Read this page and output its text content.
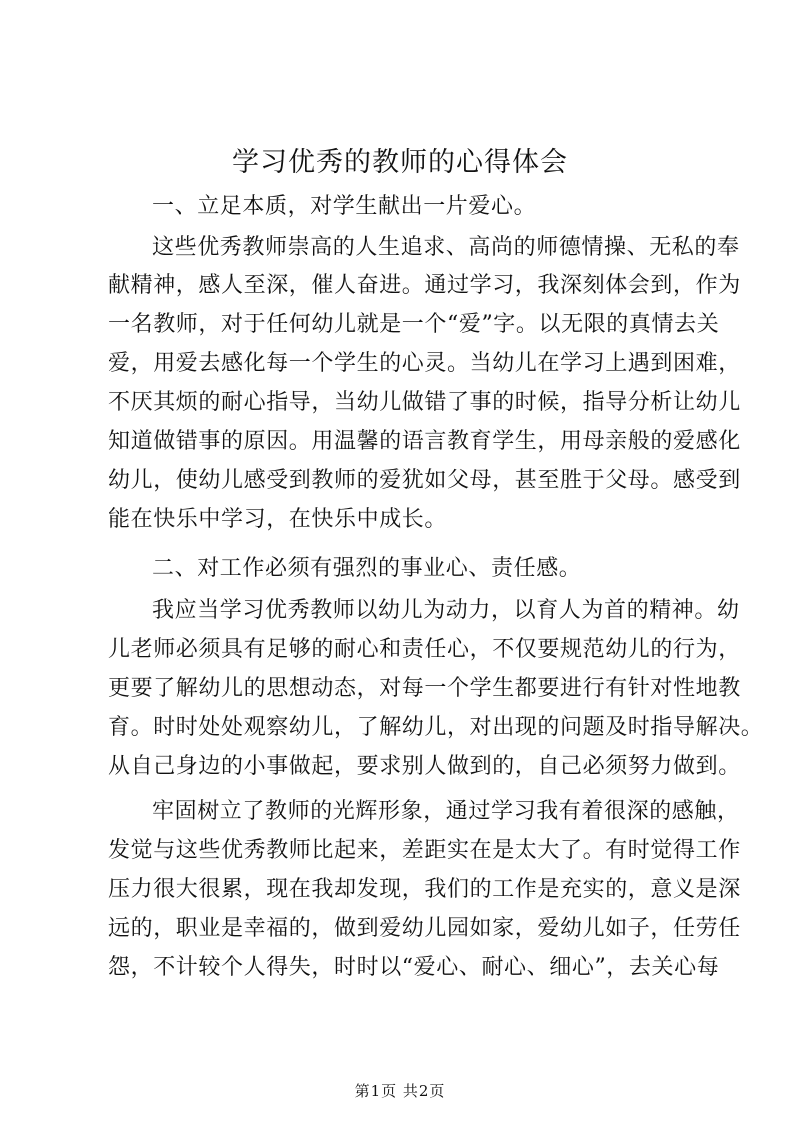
学习优秀的教师的心得体会
一、立足本质，对学生献出一片爱心。
这些优秀教师崇高的人生追求、高尚的师德情操、无私的奉
献精神，感人至深，催人奋进。通过学习，我深刻体会到，作为
一名教师，对于任何幼儿就是一个“爱”字。以无限的真情去关
爱，用爱去感化每一个学生的心灵。当幼儿在学习上遇到困难，
不厌其烦的耐心指导，当幼儿做错了事的时候，指导分析让幼儿
知道做错事的原因。用温馨的语言教育学生，用母亲般的爱感化
幼儿，使幼儿感受到教师的爱犹如父母，甚至胜于父母。感受到
能在快乐中学习，在快乐中成长。
二、对工作必须有强烈的事业心、责任感。
我应当学习优秀教师以幼儿为动力，以育人为首的精神。幼
儿老师必须具有足够的耐心和责任心，不仅要规范幼儿的行为，
更要了解幼儿的思想动态，对每一个学生都要进行有针对性地教
育。时时处处观察幼儿，了解幼儿，对出现的问题及时指导解决。
从自己身边的小事做起，要求别人做到的，自己必须努力做到。
牢固树立了教师的光辉形象，通过学习我有着很深的感触，
发觉与这些优秀教师比起来，差距实在是太大了。有时觉得工作
压力很大很累，现在我却发现，我们的工作是充实的，意义是深
远的，职业是幸福的，做到爱幼儿园如家，爱幼儿如子，任劳任
怨，不计较个人得失，时时以“爱心、耐心、细心”，去关心每
第1页 共2页
